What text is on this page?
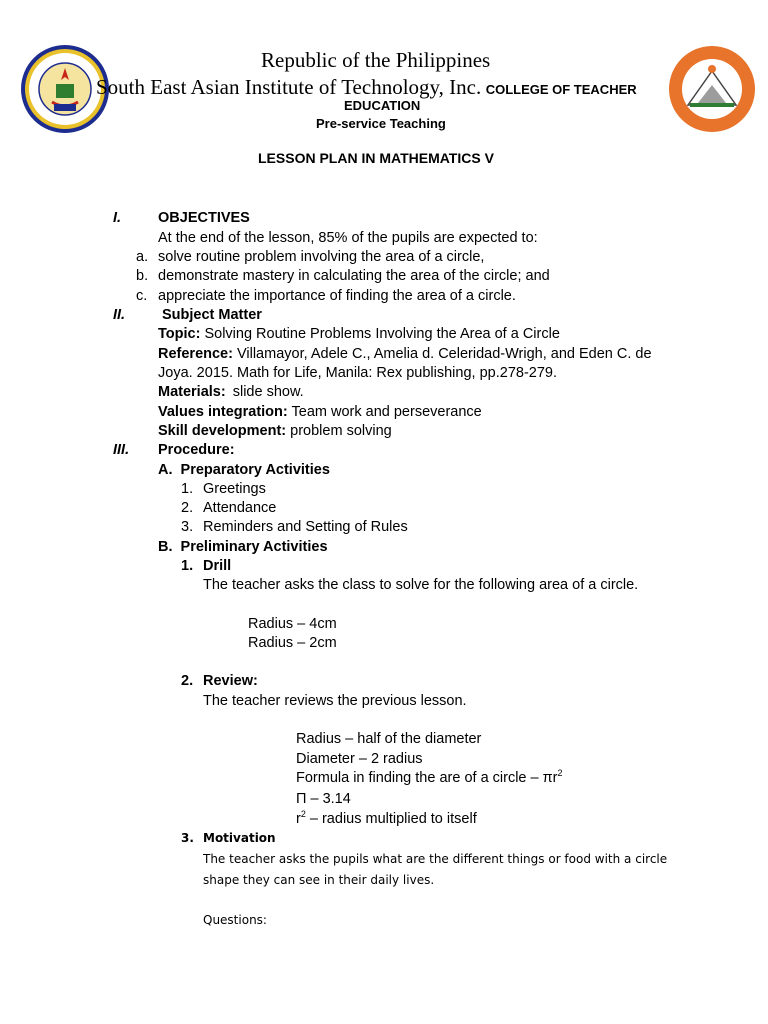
Republic of the Philippines
South East Asian Institute of Technology, Inc. COLLEGE OF TEACHER
EDUCATION
Pre-service Teaching
LESSON PLAN IN MATHEMATICS V
I.	OBJECTIVES
At the end of the lesson, 85% of the pupils are expected to:
a. solve routine problem involving the area of a circle,
b. demonstrate mastery in calculating the area of the circle; and
c. appreciate the importance of finding the area of a circle.
II.	Subject Matter
Topic: Solving Routine Problems Involving the Area of a Circle
Reference: Villamayor, Adele C., Amelia d. Celeridad-Wrigh, and Eden C. de
Joya. 2015. Math for Life, Manila: Rex publishing, pp.278-279.
Materials: slide show.
Values integration: Team work and perseverance
Skill development: problem solving
III. Procedure:
A.  Preparatory Activities
1. Greetings
2. Attendance
3. Reminders and Setting of Rules
B.  Preliminary Activities
1. Drill
The teacher asks the class to solve for the following area of a circle.
Radius – 4cm
Radius – 2cm
2. Review:
The teacher reviews the previous lesson.
Radius – half of the diameter
Diameter – 2 radius
Formula in finding the are of a circle – $\pi r^2$
Π – 3.14
$r^2$ – radius multiplied to itself
3. Motivation
The teacher asks the pupils what are the different things or food with a circle
shape they can see in their daily lives.
Questions:
